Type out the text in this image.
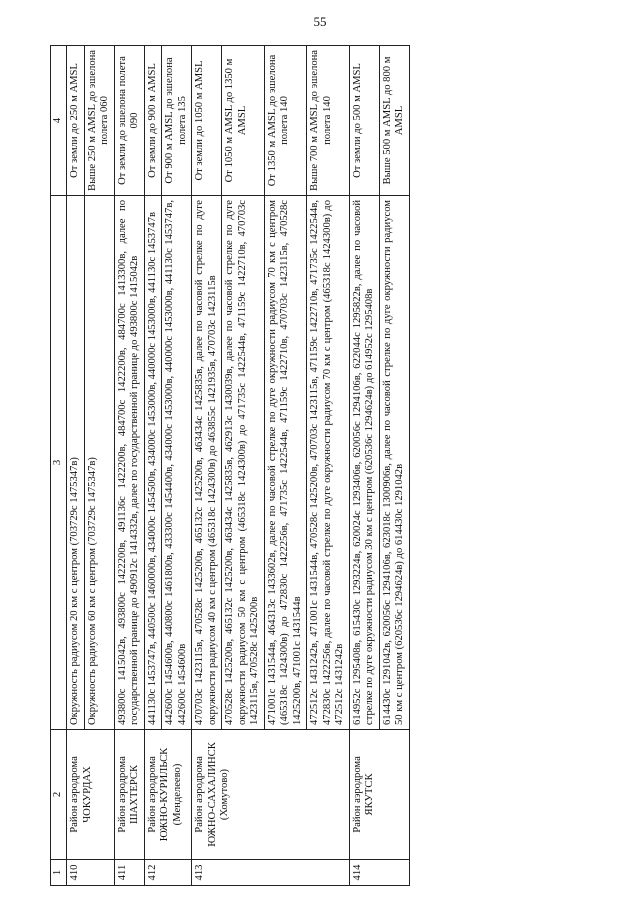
55
1	2	3	4
410	Район аэродрома ЧОКУРДАХ	Окружность радиусом 20 км с центром (703729с 1475347в)	От земли до 250 м AMSL
		Окружность радиусом 60 км с центром (703729с 1475347в)	Выше 250 м AMSL до эшелона полета 060
411	Район аэродрома ШАХТЕРСК	493800с 1415042в, 493800с 1422200в, 491136с 1422200в, 484700с 1422200в, 484700с 1413300в, далее по государственной границе до 490912с 1414332в, далее по государственной границе до 493800с 1415042в	От земли до эшелона полета 090
412	Район аэродрома ЮЖНО-КУРИЛЬСК (Менделеево)	441130с 1453747в, 440500с 1460000в, 434000с 1454500в, 434000с 1453000в, 440000с 1453000в, 441130с 1453747в	От земли до 900 м AMSL
		442600с 1454600в, 440800с 1461800в, 433300с 1454400в, 434000с 1453000в, 440000с 1453000в, 441130с 1453747в, 442600с 1454600в	От 900 м AMSL до эшелона полета 135
413	Район аэродрома ЮЖНО-САХАЛИНСК (Хомутово)	470703с 1423115в, 470528с 1425200в, 465132с 1425200в, 463434с 1425835в, далее по часовой стрелке по дуге окружности радиусом 40 км с центром (465318с 1424300в) до 463855с 1421935в, 470703с 1423115в	От земли до 1050 м AMSL
		470528с 1425200в, 465132с 1425200в, 463434с 1425835в, 462913с 1430039в, далее по часовой стрелке по дуге окружности радиусом 50 км с центром (465318с 1424300в) до 471735с 1422544в, 471159с 1422710в, 470703с 1423115в, 470528с 1425200в	От 1050 м AMSL до 1350 м AMSL
		471001с 1431544в, 464313с 1433602в, далее по часовой стрелке по дуге окружности радиусом 70 км с центром (465318с 1424300в) до 472830с 1422256в, 471735с 1422544в, 471159с 1422710в, 470703с 1423115в, 470528с 1425200в, 471001с 1431544в	От 1350 м AMSL до эшелона полета 140
		472512с 1431242в, 471001с 1431544в, 470528с 1425200в, 470703с 1423115в, 471159с 1422710в, 471735с 1422544в, 472830с 1422256в, далее по часовой стрелке по дуге окружности радиусом 70 км с центром (465318с 1424300в) до 472512с 1431242в	Выше 700 м AMSL до эшелона полета 140
414	Район аэродрома ЯКУТСК	614952с 1295408в, 615430с 1293224в, 620024с 1293406в, 620056с 1294106в, 622044с 1295822в, далее по часовой стрелке по дуге окружности радиусом 30 км с центром (620536с 1294624в) до 614952с 1295408в	От земли до 500 м AMSL
		614430с 1291042в, 620056с 1294106в, 623018с 1300906в, далее по часовой стрелке по дуге окружности радиусом 50 км с центром (620536с 1294624в) до 614430с 1291042в	Выше 500 м AMSL до 800 м AMSL
